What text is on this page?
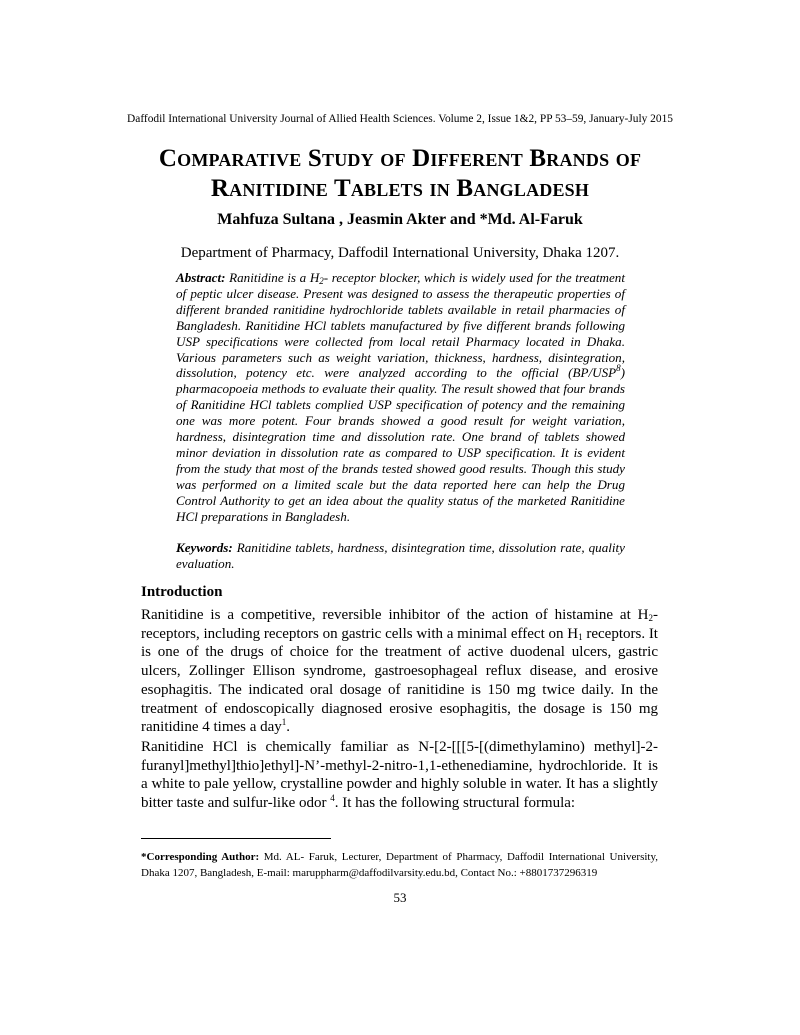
Daffodil International University Journal of Allied Health Sciences. Volume 2, Issue 1&2, PP 53–59, January-July 2015
Comparative Study of Different Brands of
Ranitidine Tablets in Bangladesh
Mahfuza Sultana , Jeasmin Akter and *Md. Al-Faruk
Department of Pharmacy, Daffodil International University, Dhaka 1207.
Abstract: Ranitidine is a $H_2-$ receptor blocker, which is widely used for the treatment of peptic ulcer disease. Present was designed to assess the therapeutic properties of different branded ranitidine hydrochloride tablets available in retail pharmacies of Bangladesh. Ranitidine HCl tablets manufactured by five different brands following USP specifications were collected from local retail Pharmacy located in Dhaka. Various parameters such as weight variation, thickness, hardness, disintegration, dissolution, potency etc. were analyzed according to the official (BP/USP$^8$) pharmacopoeia methods to evaluate their quality. The result showed that four brands of Ranitidine HCl tablets complied USP specification of potency and the remaining one was more potent. Four brands showed a good result for weight variation, hardness, disintegration time and dissolution rate. One brand of tablets showed minor deviation in dissolution rate as compared to USP specification. It is evident from the study that most of the brands tested showed good results. Though this study was performed on a limited scale but the data reported here can help the Drug Control Authority to get an idea about the quality status of the marketed Ranitidine HCl preparations in Bangladesh.
Keywords: Ranitidine tablets, hardness, disintegration time, dissolution rate, quality evaluation.
Introduction
Ranitidine is a competitive, reversible inhibitor of the action of histamine at $H_2$-receptors, including receptors on gastric cells with a minimal effect on $H_1$ receptors. It is one of the drugs of choice for the treatment of active duodenal ulcers, gastric ulcers, Zollinger Ellison syndrome, gastroesophageal reflux disease, and erosive esophagitis. The indicated oral dosage of ranitidine is 150 mg twice daily. In the treatment of endoscopically diagnosed erosive esophagitis, the dosage is 150 mg ranitidine 4 times a day$^1$.
Ranitidine HCl is chemically familiar as N-[2-[[[5-[(dimethylamino) methyl]-2-furanyl]methyl]thio]ethyl]-N’-methyl-2-nitro-1,1-ethenediamine, hydrochloride. It is a white to pale yellow, crystalline powder and highly soluble in water. It has a slightly bitter taste and sulfur-like odor $^4$. It has the following structural formula:
*Corresponding Author: Md. AL- Faruk, Lecturer, Department of Pharmacy, Daffodil International University, Dhaka 1207, Bangladesh, E-mail: maruppharm@daffodilvarsity.edu.bd, Contact No.: +8801737296319
53
